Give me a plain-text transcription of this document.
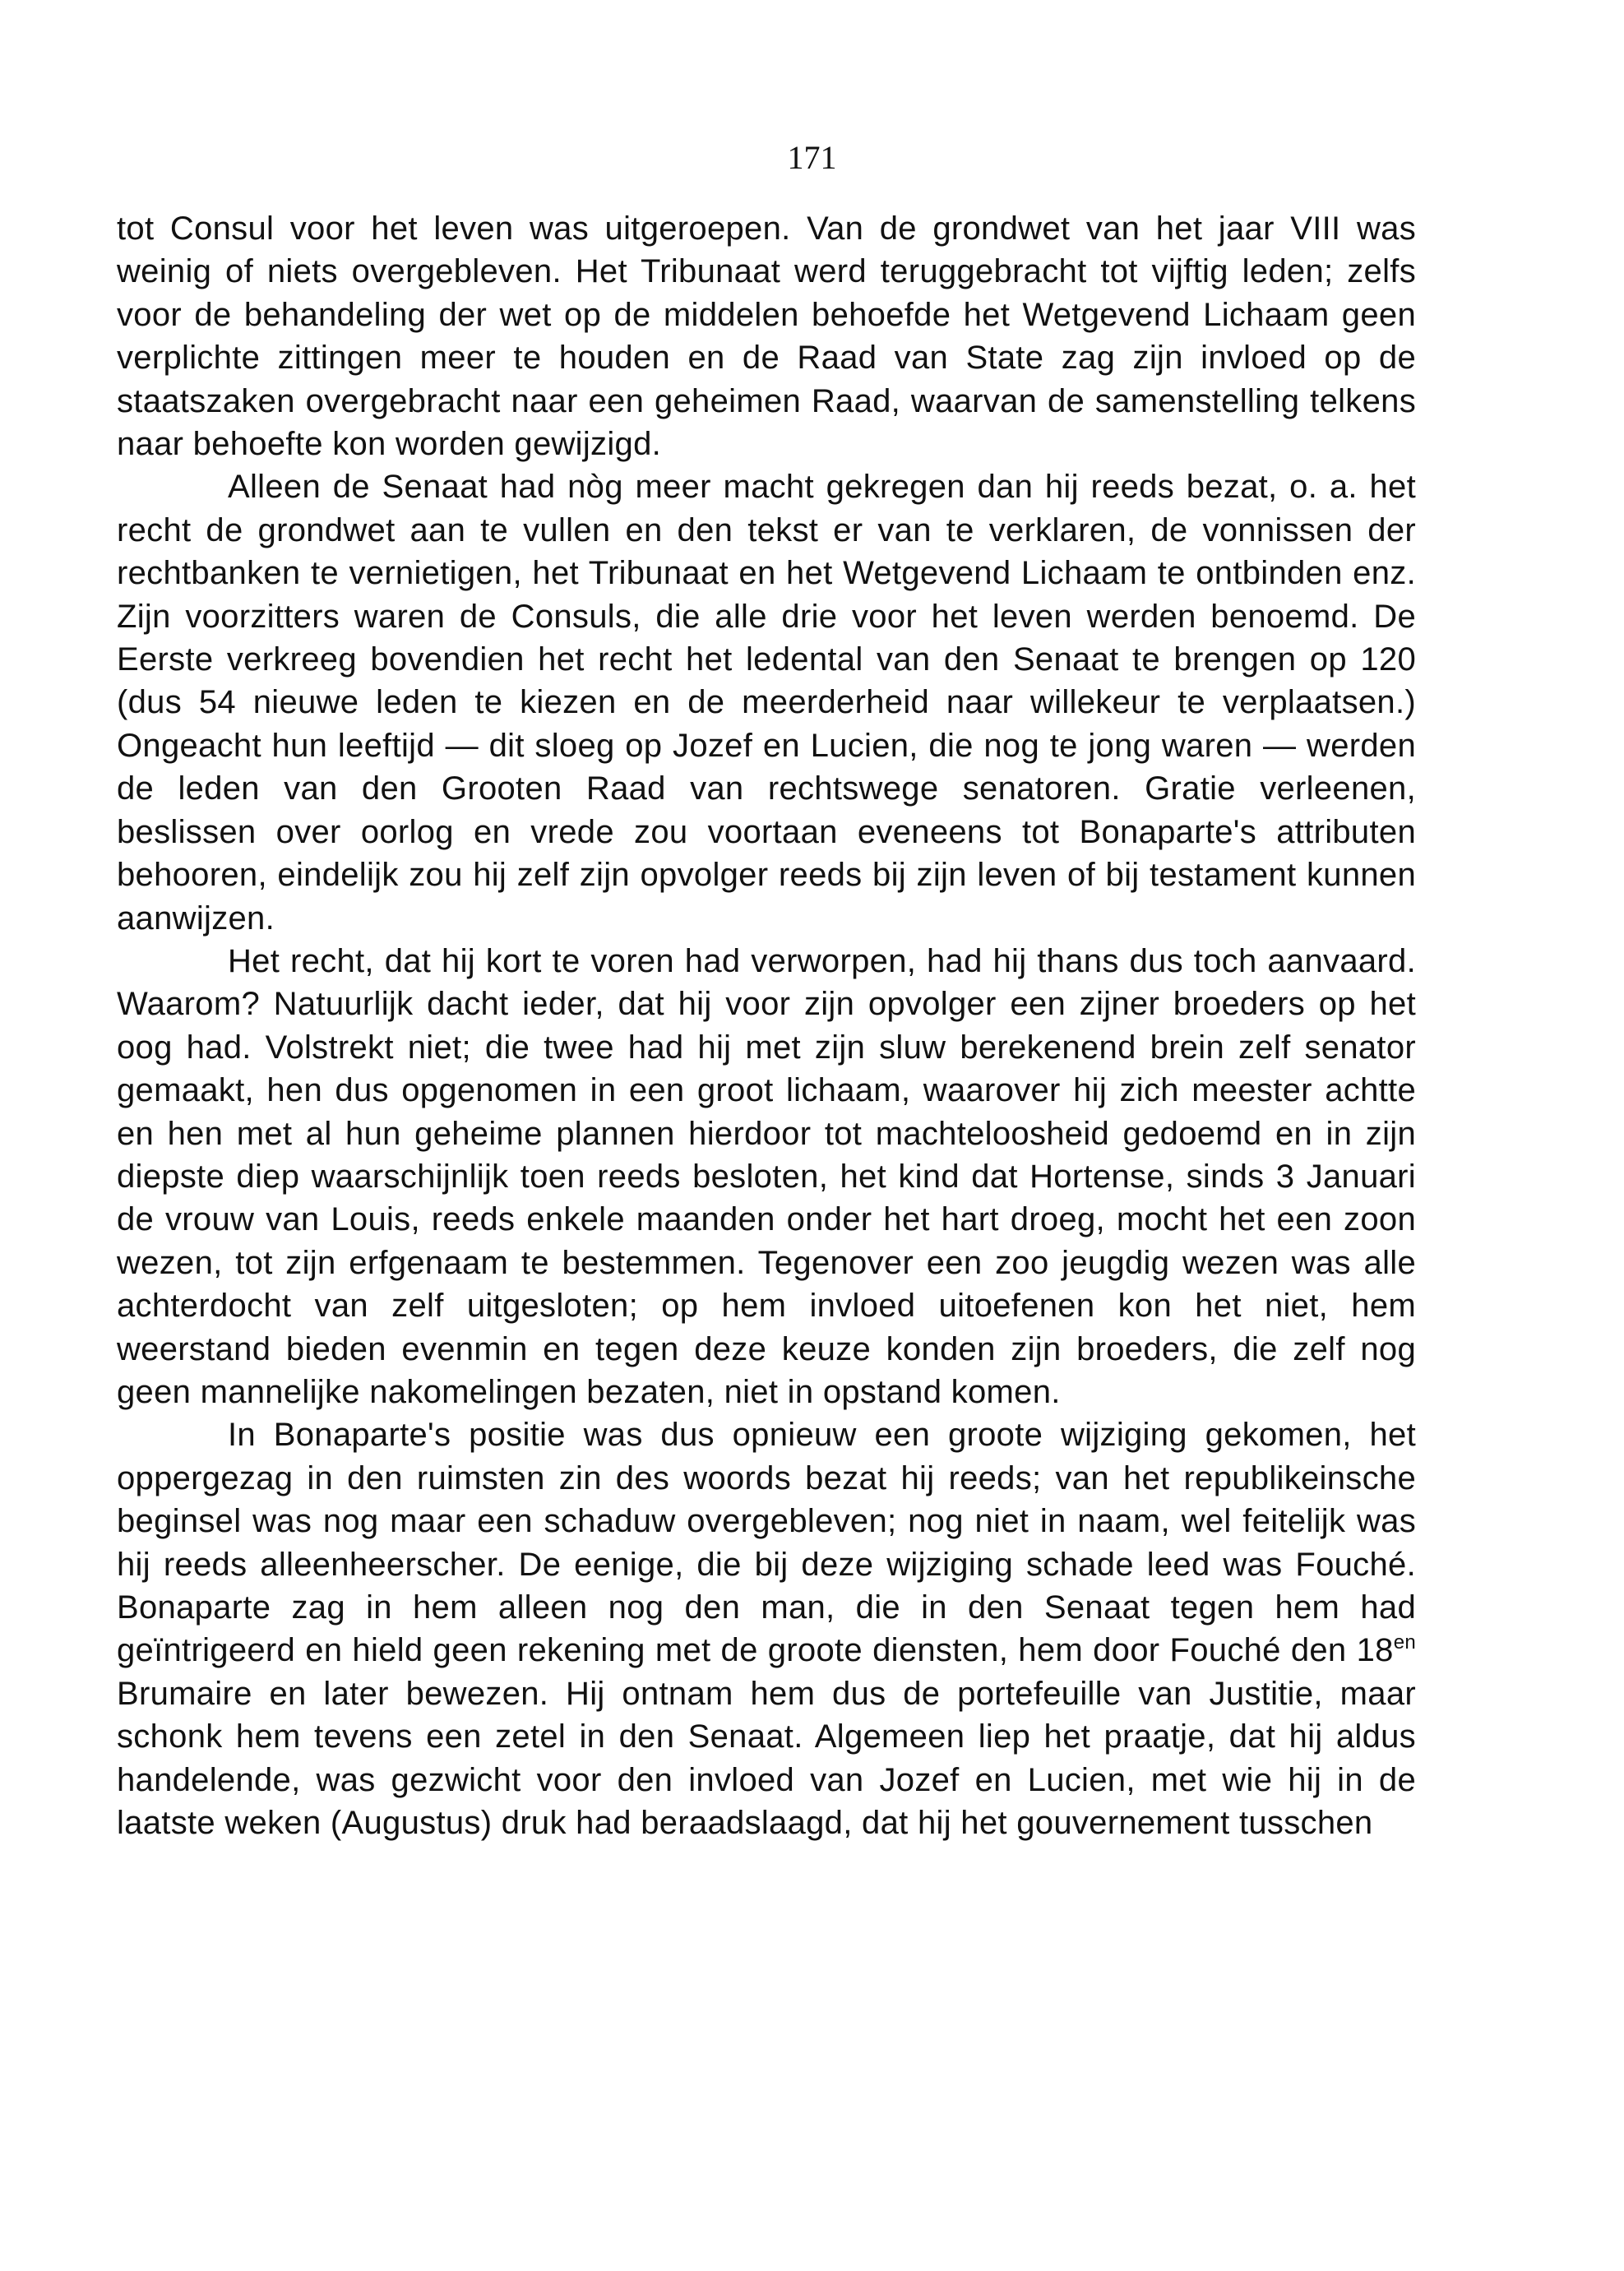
171

tot Consul voor het leven was uitgeroepen. Van de grondwet van het jaar VIII was weinig of niets overgebleven. Het Tribunaat werd teruggebracht tot vijftig leden; zelfs voor de behandeling der wet op de middelen behoefde het Wetgevend Lichaam geen verplichte zittingen meer te houden en de Raad van State zag zijn invloed op de staatszaken overgebracht naar een geheimen Raad, waarvan de samenstelling telkens naar behoefte kon worden gewijzigd.

Alleen de Senaat had nòg meer macht gekregen dan hij reeds bezat, o. a. het recht de grondwet aan te vullen en den tekst er van te verklaren, de vonnissen der rechtbanken te vernietigen, het Tribunaat en het Wetgevend Lichaam te ontbinden enz. Zijn voorzitters waren de Consuls, die alle drie voor het leven werden benoemd. De Eerste verkreeg bovendien het recht het ledental van den Senaat te brengen op 120 (dus 54 nieuwe leden te kiezen en de meerderheid naar willekeur te verplaatsen.) Ongeacht hun leeftijd — dit sloeg op Jozef en Lucien, die nog te jong waren — werden de leden van den Grooten Raad van rechtswege senatoren. Gratie verleenen, beslissen over oorlog en vrede zou voortaan eveneens tot Bonaparte's attributen behooren, eindelijk zou hij zelf zijn opvolger reeds bij zijn leven of bij testament kunnen aanwijzen.

Het recht, dat hij kort te voren had verworpen, had hij thans dus toch aanvaard. Waarom? Natuurlijk dacht ieder, dat hij voor zijn opvolger een zijner broeders op het oog had. Volstrekt niet; die twee had hij met zijn sluw berekenend brein zelf senator gemaakt, hen dus opgenomen in een groot lichaam, waarover hij zich meester achtte en hen met al hun geheime plannen hierdoor tot machteloosheid gedoemd en in zijn diepste diep waarschijnlijk toen reeds besloten, het kind dat Hortense, sinds 3 Januari de vrouw van Louis, reeds enkele maanden onder het hart droeg, mocht het een zoon wezen, tot zijn erfgenaam te bestemmen. Tegenover een zoo jeugdig wezen was alle achterdocht van zelf uitgesloten; op hem invloed uitoefenen kon het niet, hem weerstand bieden evenmin en tegen deze keuze konden zijn broeders, die zelf nog geen mannelijke nakomelingen bezaten, niet in opstand komen.

In Bonaparte's positie was dus opnieuw een groote wijziging gekomen, het oppergezag in den ruimsten zin des woords bezat hij reeds; van het republikeinsche beginsel was nog maar een schaduw overgebleven; nog niet in naam, wel feitelijk was hij reeds alleenheerscher. De eenige, die bij deze wijziging schade leed was Fouché. Bonaparte zag in hem alleen nog den man, die in den Senaat tegen hem had geïntrigeerd en hield geen rekening met de groote diensten, hem door Fouché den $18^{en}$ Brumaire en later bewezen. Hij ontnam hem dus de portefeuille van Justitie, maar schonk hem tevens een zetel in den Senaat. Algemeen liep het praatje, dat hij aldus handelende, was gezwicht voor den invloed van Jozef en Lucien, met wie hij in de laatste weken (Augustus) druk had beraadslaagd, dat hij het gouvernement tusschen
